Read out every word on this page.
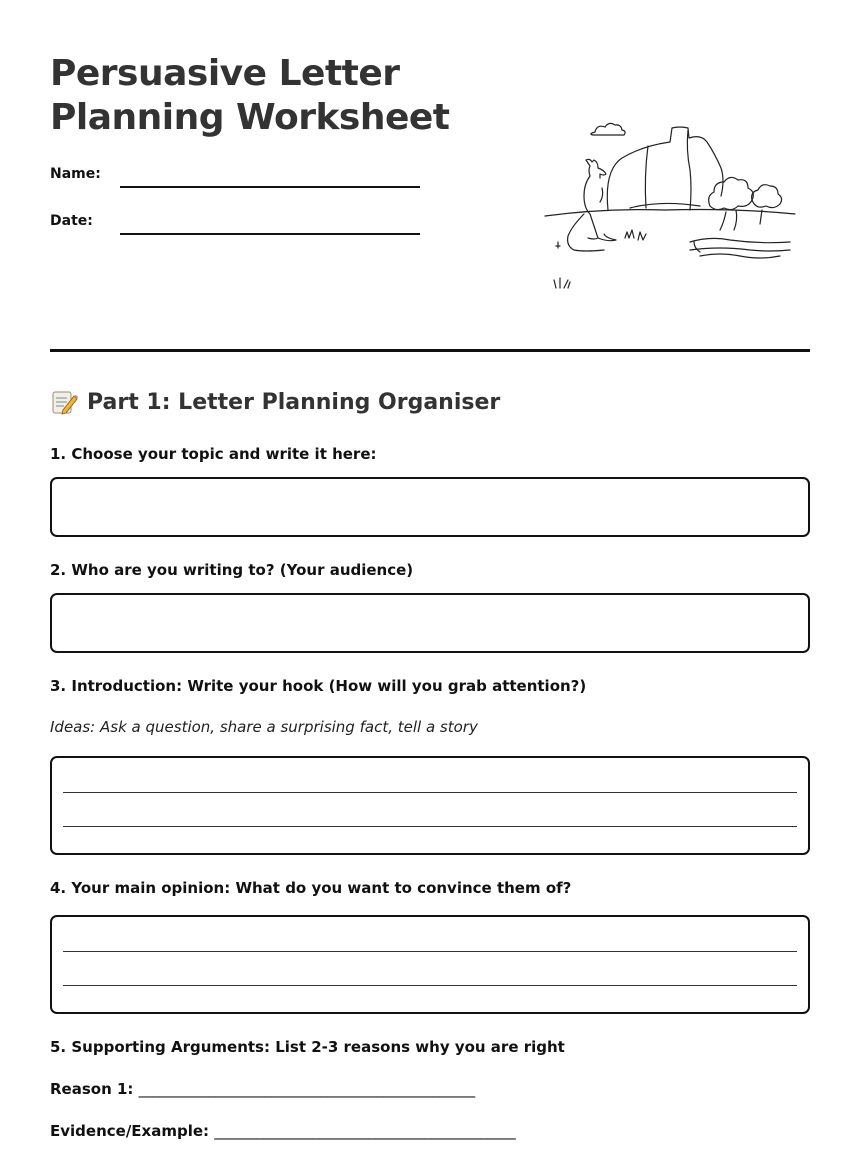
Persuasive Letter
Planning Worksheet
Name:
Date:
Part 1: Letter Planning Organiser
1. Choose your topic and write it here:
2. Who are you writing to? (Your audience)
3. Introduction: Write your hook (How will you grab attention?)
Ideas: Ask a question, share a surprising fact, tell a story
4. Your main opinion: What do you want to convince them of?
5. Supporting Arguments: List 2-3 reasons why you are right
Reason 1: ________________________________________________
Evidence/Example: ___________________________________________
